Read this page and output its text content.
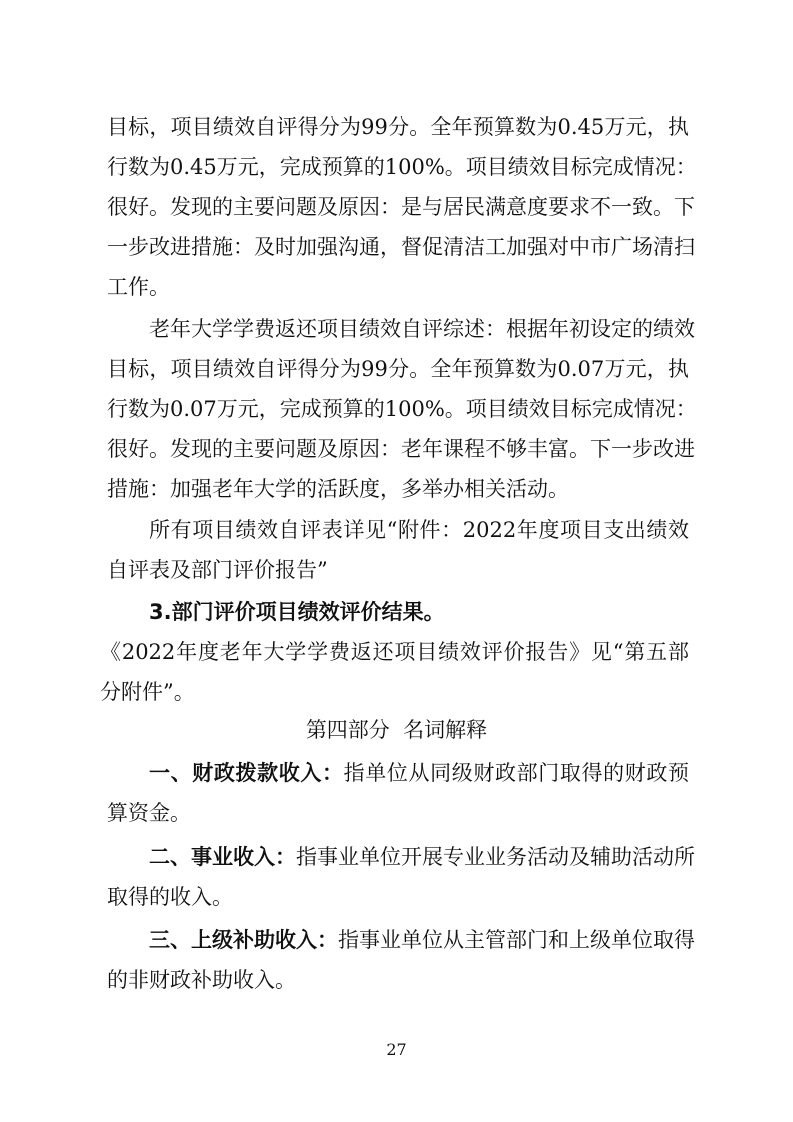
目标，项目绩效自评得分为99分。全年预算数为0.45万元，执
行数为0.45万元，完成预算的100%。项目绩效目标完成情况：
很好。发现的主要问题及原因：是与居民满意度要求不一致。下
一步改进措施：及时加强沟通，督促清洁工加强对中市广场清扫
工作。
老年大学学费返还项目绩效自评综述：根据年初设定的绩效
目标，项目绩效自评得分为99分。全年预算数为0.07万元，执
行数为0.07万元，完成预算的100%。项目绩效目标完成情况：
很好。发现的主要问题及原因：老年课程不够丰富。下一步改进
措施：加强老年大学的活跃度，多举办相关活动。
所有项目绩效自评表详见“附件：2022年度项目支出绩效
自评表及部门评价报告”
3.部门评价项目绩效评价结果。
《2022年度老年大学学费返还项目绩效评价报告》见“第五部
分附件”。
第四部分  名词解释
一、财政拨款收入：指单位从同级财政部门取得的财政预
算资金。
二、事业收入：指事业单位开展专业业务活动及辅助活动所
取得的收入。
三、上级补助收入：指事业单位从主管部门和上级单位取得
的非财政补助收入。
27
